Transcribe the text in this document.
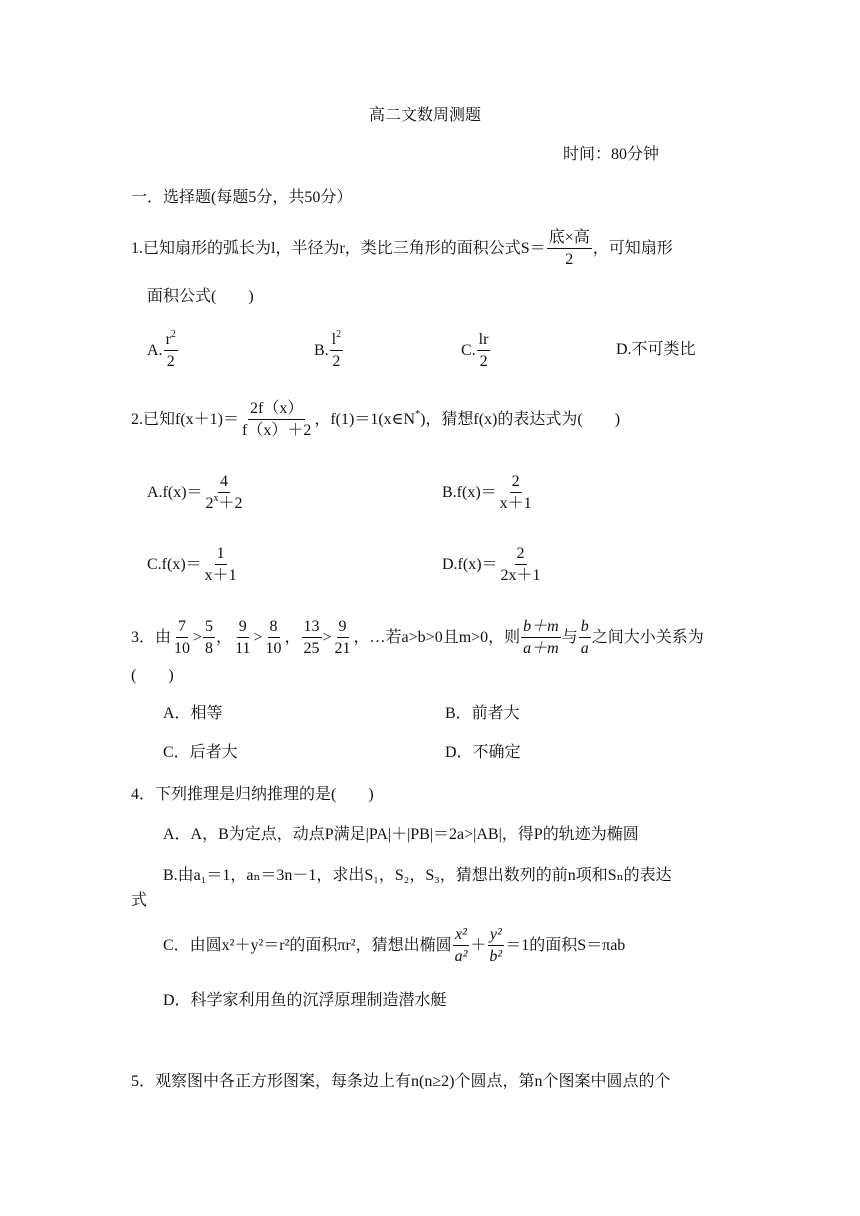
高二文数周测题
时间：80分钟
一．选择题(每题5分，共50分）
1.已知扇形的弧长为l，半径为r，类比三角形的面积公式$S= \frac{\text{底×高}}{2}$ ，可知扇形
面积公式(　　)
A. $\frac{r^2}{2}$	B. $\frac{l^2}{2}$	C. $\frac{lr}{2}$	D.不可类比
2.已知$f(x+1)= \frac{2f(x)}{f(x)+2}$ ，f(1)＝1(x∈N*)，猜想f(x)的表达式为(　　)
$A.f(x)= \frac{4}{2^x+2}$	$B.f(x)= \frac{2}{x+1}$
$C.f(x)= \frac{1}{x+1}$	$D.f(x)= \frac{2}{2x+1}$
3．由 $\frac{7}{10} > \frac{5}{8}$ ， $\frac{9}{11} > \frac{8}{10}$ ， $\frac{13}{25} > \frac{9}{21}$ ，…若a>b>0且m>0，则 $\frac{b+m}{a+m}$ 与 $\frac{b}{a}$ 之间大小关系为
(　　)
A．相等	B．前者大
C．后者大	D．不确定
4．下列推理是归纳推理的是(　　)
A．A，B为定点，动点P满足|PA|＋|PB|＝2a>|AB|，得P的轨迹为椭圆
B.由a₁＝1，aₙ＝3n－1，求出S₁，S₂，S₃，猜想出数列的前n项和Sₙ的表达
式
C．由圆x²＋y²＝r²的面积πr²，猜想出椭圆 $\frac{\text{x²}}{\text{a²}} + \frac{\text{y²}}{\text{b²}} =1$的面积S＝πab
D．科学家利用鱼的沉浮原理制造潜水艇
5．观察图中各正方形图案，每条边上有n(n≥2)个圆点，第n个图案中圆点的个
